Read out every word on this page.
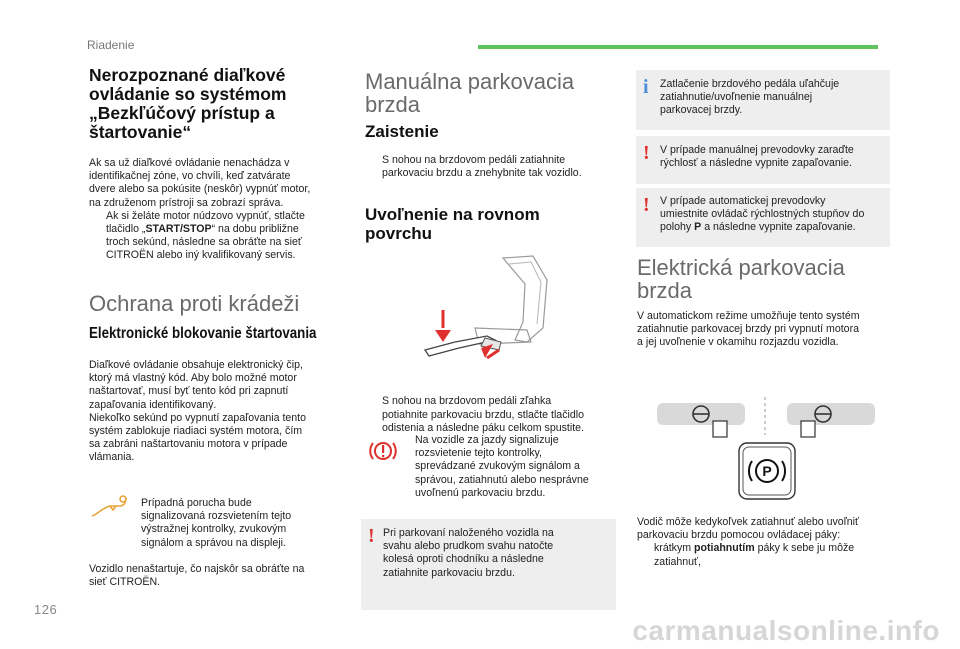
Riadenie
Nerozpoznané diaľkové
ovládanie so systémom
„Bezkľúčový prístup a
štartovanie“
Ak sa už diaľkové ovládanie nenachádza v
identifikačnej zóne, vo chvíli, keď zatvárate
dvere alebo sa pokúsite (neskôr) vypnúť motor,
na združenom prístroji sa zobrazí správa.
Ak si želáte motor núdzovo vypnúť, stlačte
tlačidlo „START/STOP“ na dobu približne
troch sekúnd, následne sa obráťte na sieť
CITROËN alebo iný kvalifikovaný servis.
Ochrana proti krádeži
Elektronické blokovanie štartovania
Diaľkové ovládanie obsahuje elektronický čip,
ktorý má vlastný kód. Aby bolo možné motor
naštartovať, musí byť tento kód pri zapnutí
zapaľovania identifikovaný.
Niekoľko sekúnd po vypnutí zapaľovania tento
systém zablokuje riadiaci systém motora, čím
sa zabráni naštartovaniu motora v prípade
vlámania.
Prípadná porucha bude
signalizovaná rozsvietením tejto
výstražnej kontrolky, zvukovým
signálom a správou na displeji.
Vozidlo nenaštartuje, čo najskôr sa obráťte na
sieť CITROËN.
Manuálna parkovacia
brzda
Zaistenie
S nohou na brzdovom pedáli zatiahnite
parkovaciu brzdu a znehybnite tak vozidlo.
Uvoľnenie na rovnom
povrchu
S nohou na brzdovom pedáli zľahka
potiahnite parkovaciu brzdu, stlačte tlačidlo
odistenia a následne páku celkom spustite.
Na vozidle za jazdy signalizuje
rozsvietenie tejto kontrolky,
sprevádzané zvukovým signálom a
správou, zatiahnutú alebo nesprávne
uvoľnenú parkovaciu brzdu.
! Pri parkovaní naloženého vozidla na
svahu alebo prudkom svahu natočte
kolesá oproti chodníku a následne
zatiahnite parkovaciu brzdu.
i Zatlačenie brzdového pedála uľahčuje
zatiahnutie/uvoľnenie manuálnej
parkovacej brzdy.
! V prípade manuálnej prevodovky zaraďte
rýchlosť a následne vypnite zapaľovanie.
! V prípade automatickej prevodovky
umiestnite ovládač rýchlostných stupňov do
polohy P a následne vypnite zapaľovanie.
Elektrická parkovacia
brzda
V automatickom režime umožňuje tento systém
zatiahnutie parkovacej brzdy pri vypnutí motora
a jej uvoľnenie v okamihu rozjazdu vozidla.
P
Vodič môže kedykoľvek zatiahnuť alebo uvoľniť
parkovaciu brzdu pomocou ovládacej páky:
krátkym potiahnutím páky k sebe ju môže
zatiahnuť,
126
carmanualsonline.info
